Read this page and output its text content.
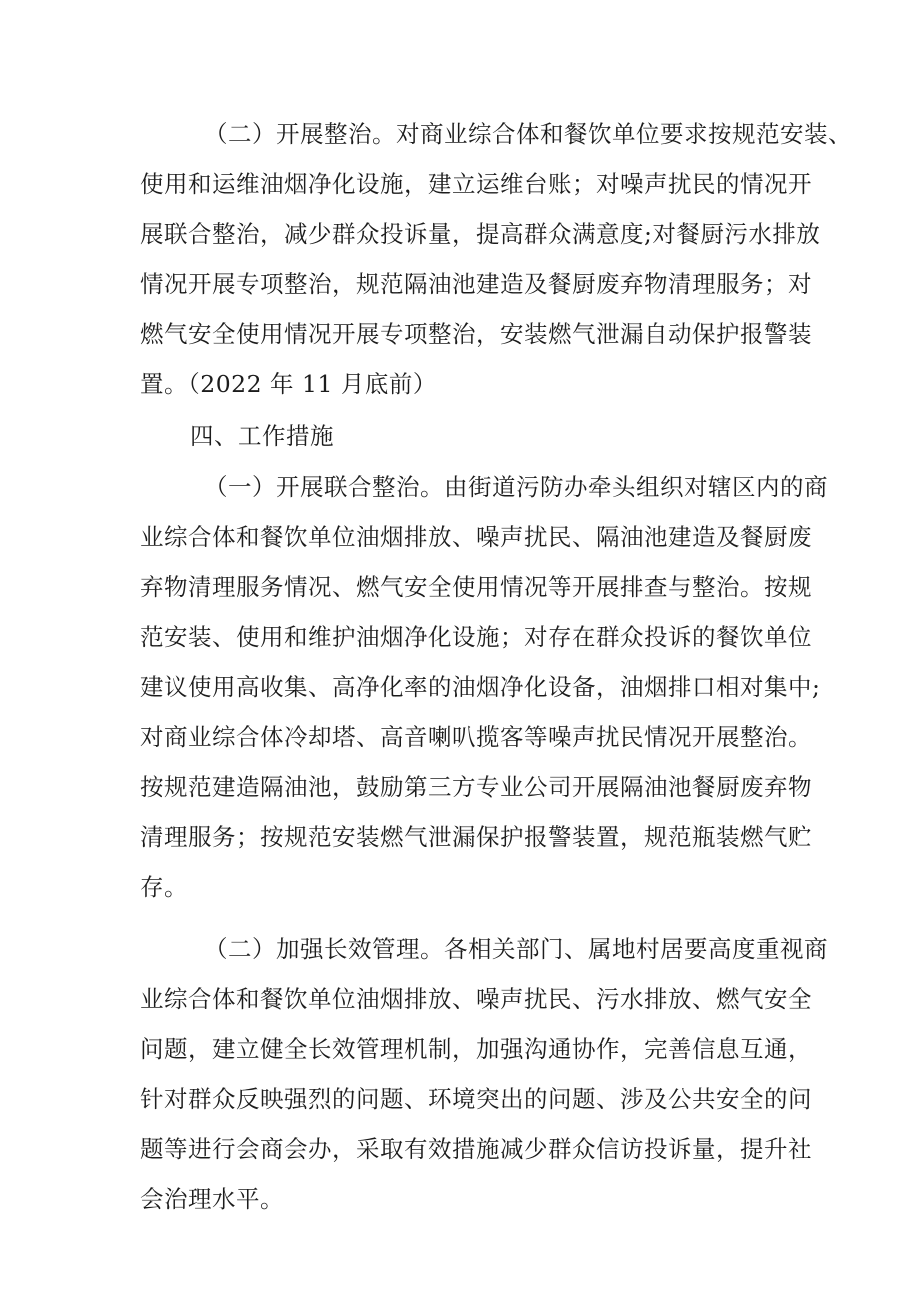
（二）开展整治。对商业综合体和餐饮单位要求按规范安装、
使用和运维油烟净化设施，建立运维台账；对噪声扰民的情况开
展联合整治，减少群众投诉量，提高群众满意度;对餐厨污水排放
情况开展专项整治，规范隔油池建造及餐厨废弃物清理服务；对
燃气安全使用情况开展专项整治，安装燃气泄漏自动保护报警装
置。（2022 年 11 月底前）
四、工作措施
（一）开展联合整治。由街道污防办牵头组织对辖区内的商
业综合体和餐饮单位油烟排放、噪声扰民、隔油池建造及餐厨废
弃物清理服务情况、燃气安全使用情况等开展排查与整治。按规
范安装、使用和维护油烟净化设施；对存在群众投诉的餐饮单位
建议使用高收集、高净化率的油烟净化设备，油烟排口相对集中;
对商业综合体冷却塔、高音喇叭揽客等噪声扰民情况开展整治。
按规范建造隔油池，鼓励第三方专业公司开展隔油池餐厨废弃物
清理服务；按规范安装燃气泄漏保护报警装置，规范瓶装燃气贮
存。
（二）加强长效管理。各相关部门、属地村居要高度重视商
业综合体和餐饮单位油烟排放、噪声扰民、污水排放、燃气安全
问题，建立健全长效管理机制，加强沟通协作，完善信息互通，
针对群众反映强烈的问题、环境突出的问题、涉及公共安全的问
题等进行会商会办，采取有效措施减少群众信访投诉量，提升社
会治理水平。
